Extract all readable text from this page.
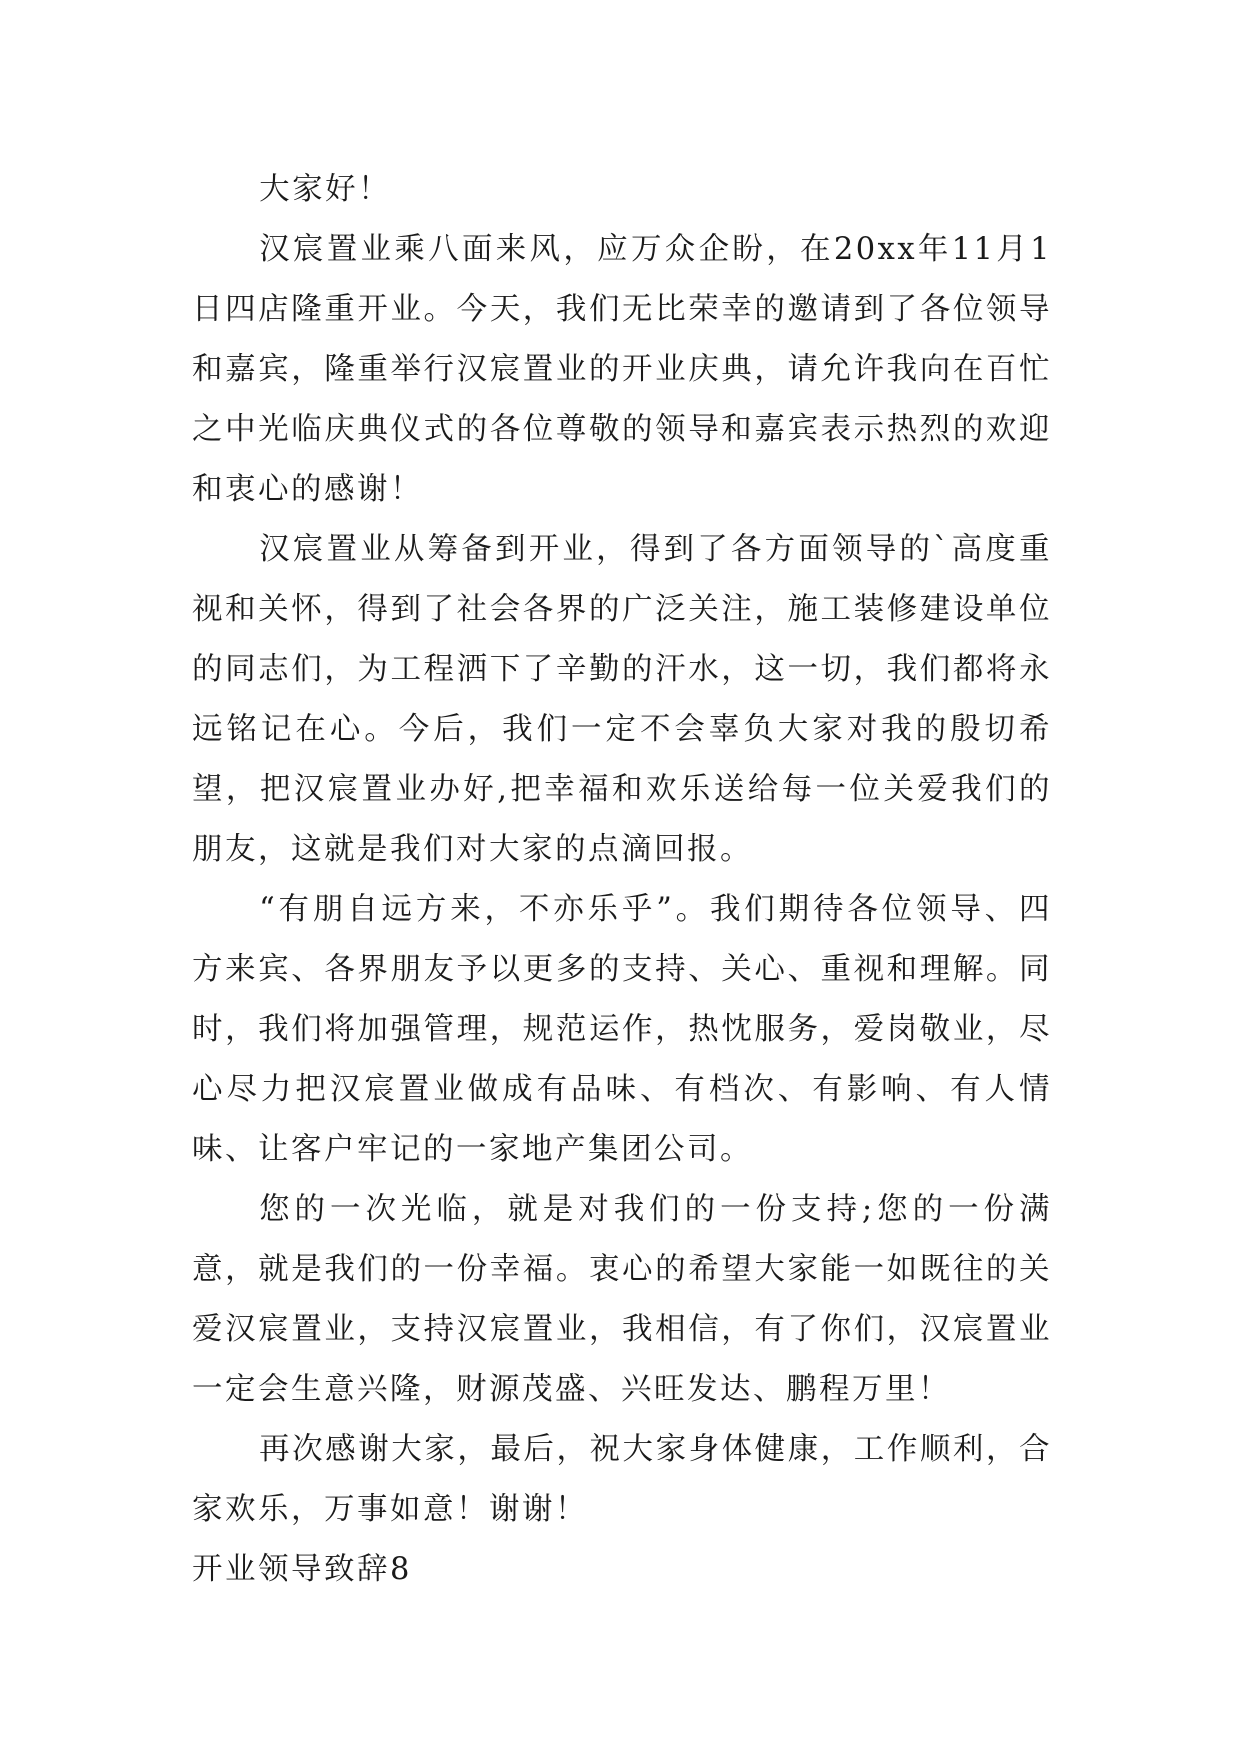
大家好！

汉宸置业乘八面来风，应万众企盼，在20xx年11月1日四店隆重开业。今天，我们无比荣幸的邀请到了各位领导和嘉宾，隆重举行汉宸置业的开业庆典，请允许我向在百忙之中光临庆典仪式的各位尊敬的领导和嘉宾表示热烈的欢迎和衷心的感谢！

汉宸置业从筹备到开业，得到了各方面领导的`高度重视和关怀，得到了社会各界的广泛关注，施工装修建设单位的同志们，为工程洒下了辛勤的汗水，这一切，我们都将永远铭记在心。今后，我们一定不会辜负大家对我的殷切希望，把汉宸置业办好,把幸福和欢乐送给每一位关爱我们的朋友，这就是我们对大家的点滴回报。

“有朋自远方来，不亦乐乎”。我们期待各位领导、四方来宾、各界朋友予以更多的支持、关心、重视和理解。同时，我们将加强管理，规范运作，热忱服务，爱岗敬业，尽心尽力把汉宸置业做成有品味、有档次、有影响、有人情味、让客户牢记的一家地产集团公司。

您的一次光临，就是对我们的一份支持;您的一份满意，就是我们的一份幸福。衷心的希望大家能一如既往的关爱汉宸置业，支持汉宸置业，我相信，有了你们，汉宸置业一定会生意兴隆，财源茂盛、兴旺发达、鹏程万里！

再次感谢大家，最后，祝大家身体健康，工作顺利，合家欢乐，万事如意！谢谢！

开业领导致辞8
